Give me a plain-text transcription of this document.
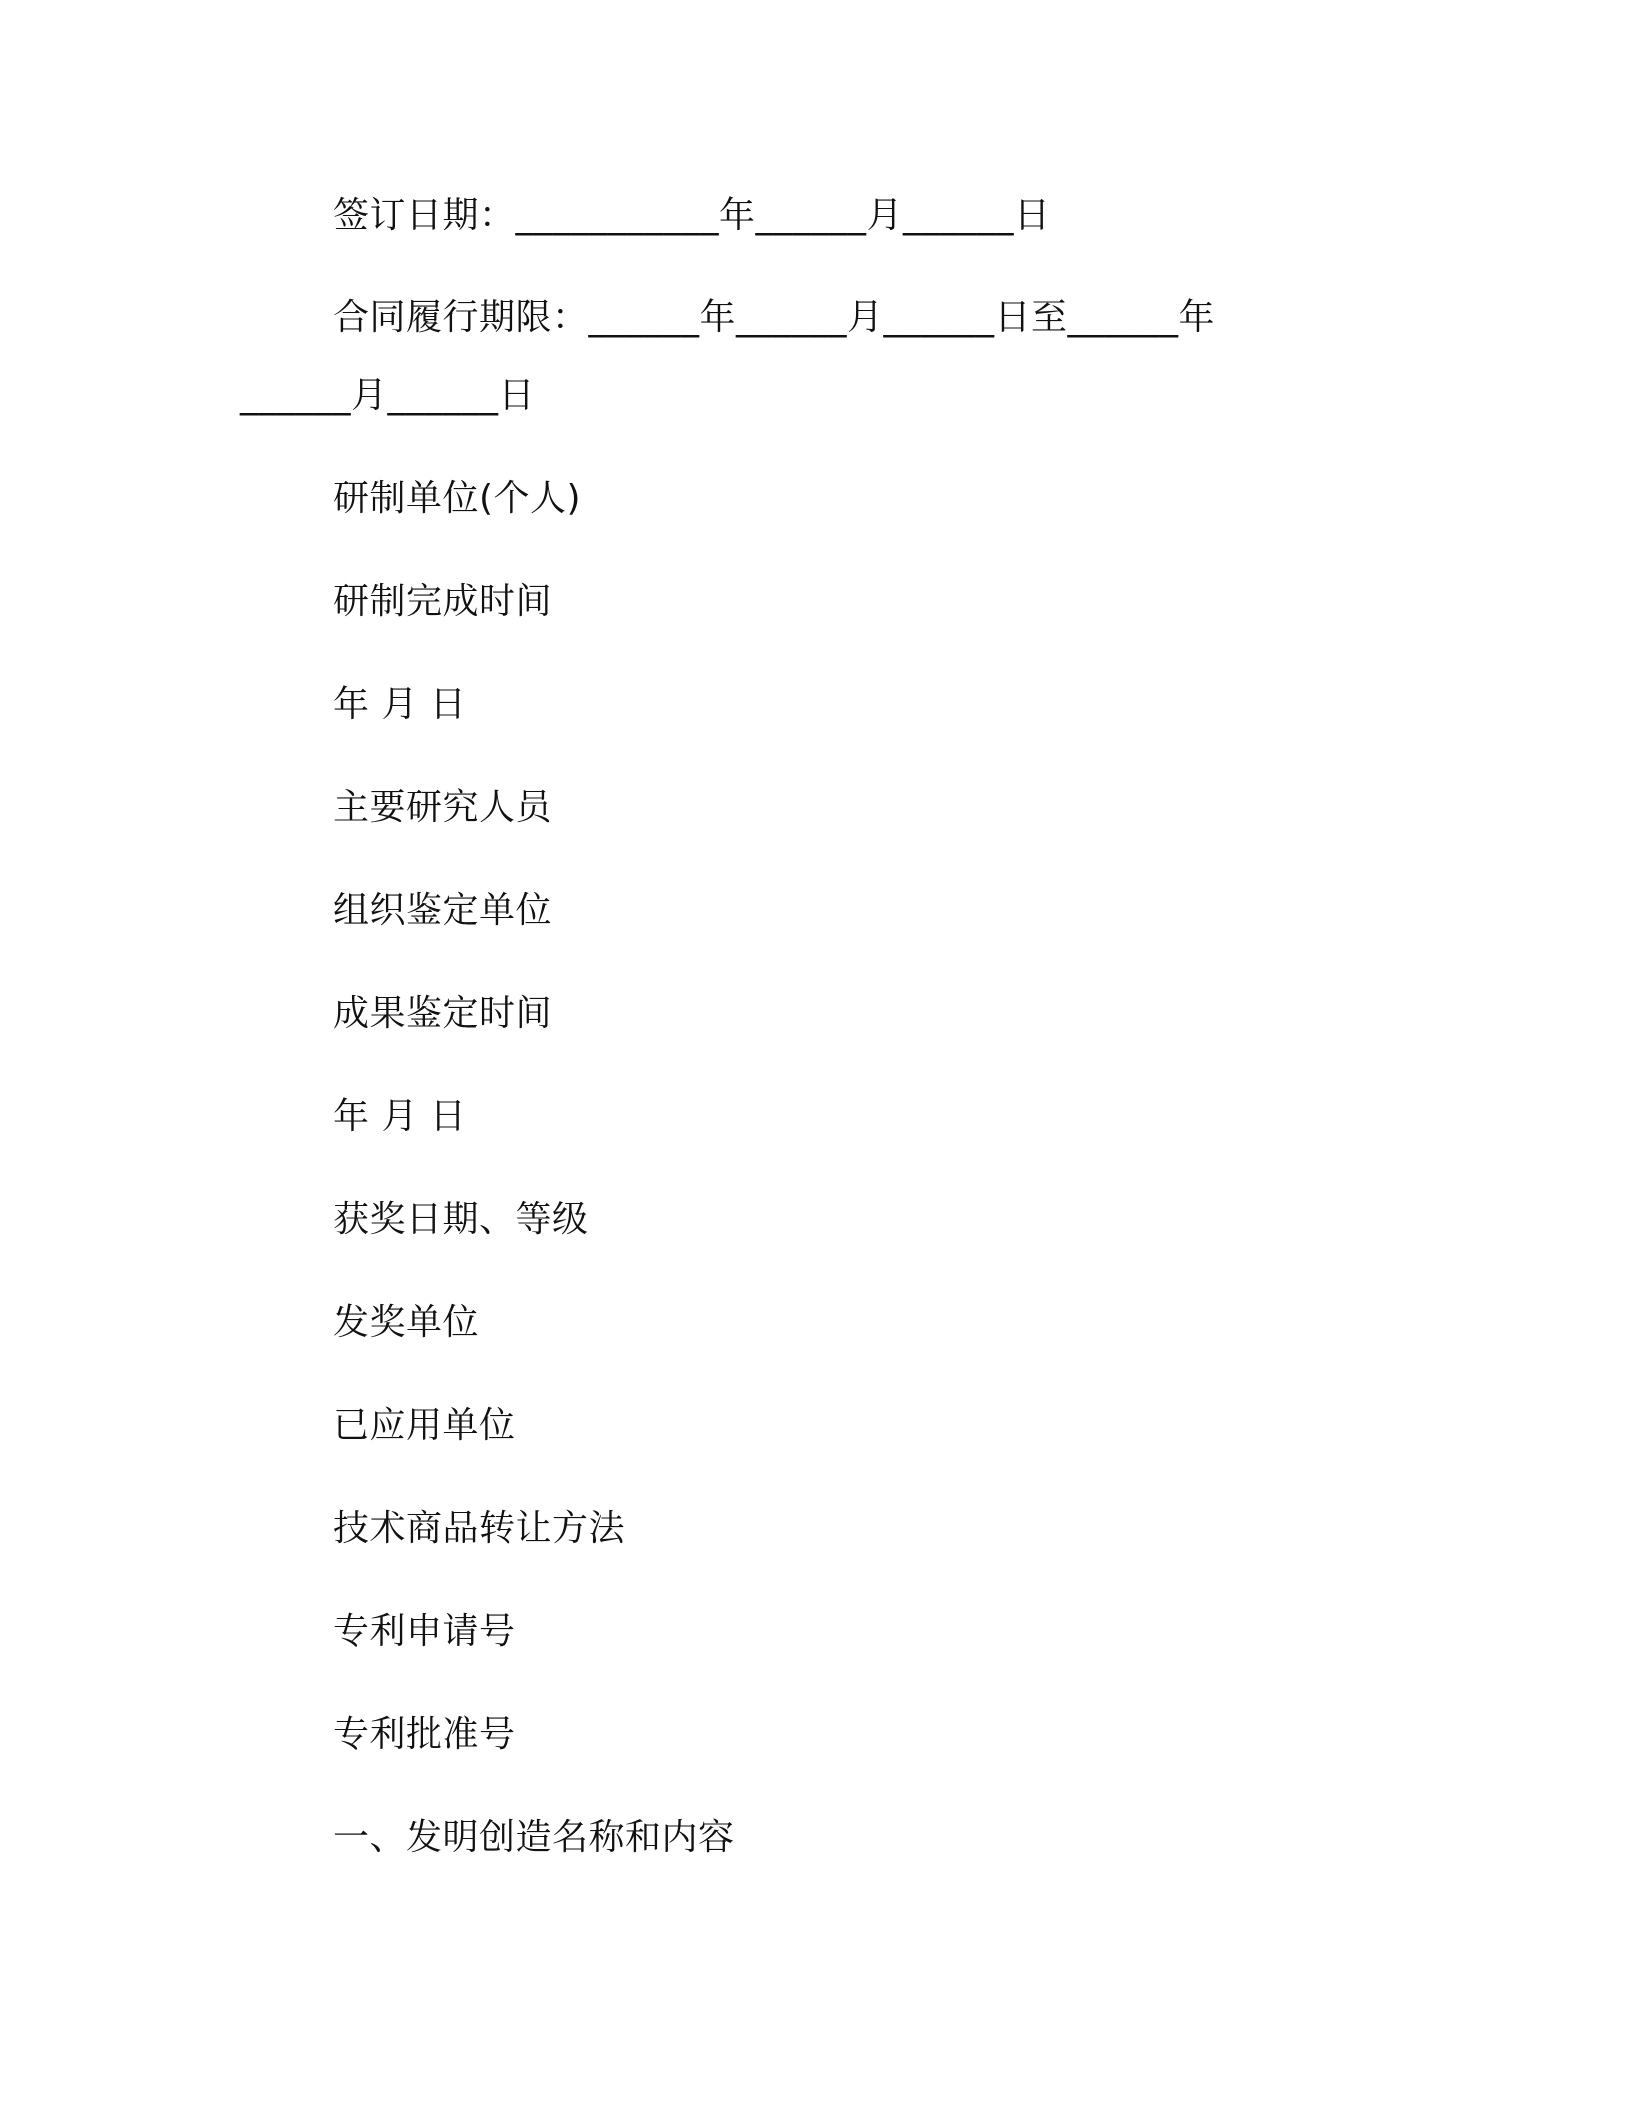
签订日期：___________年______月______日
合同履行期限：______年______月______日至______年
______月______日
研制单位(个人)
研制完成时间
年 月 日
主要研究人员
组织鉴定单位
成果鉴定时间
年 月 日
获奖日期、等级
发奖单位
已应用单位
技术商品转让方法
专利申请号
专利批准号
一、发明创造名称和内容
